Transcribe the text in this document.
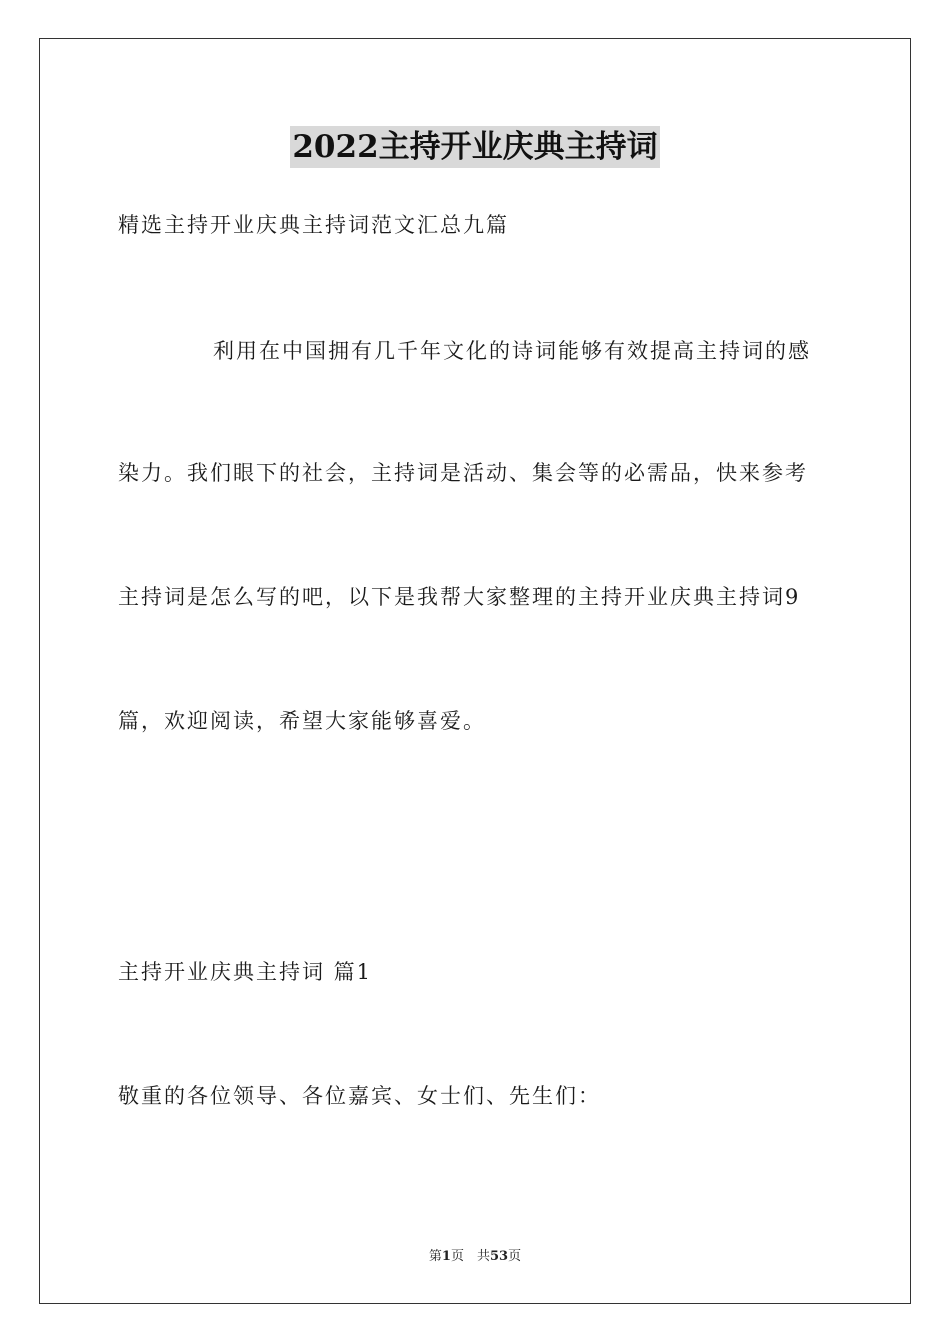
2022主持开业庆典主持词
精选主持开业庆典主持词范文汇总九篇
利用在中国拥有几千年文化的诗词能够有效提高主持词的感
染力。我们眼下的社会，主持词是活动、集会等的必需品，快来参考
主持词是怎么写的吧，以下是我帮大家整理的主持开业庆典主持词9
篇，欢迎阅读，希望大家能够喜爱。
主持开业庆典主持词 篇1
敬重的各位领导、各位嘉宾、女士们、先生们：
第1页　共53页
